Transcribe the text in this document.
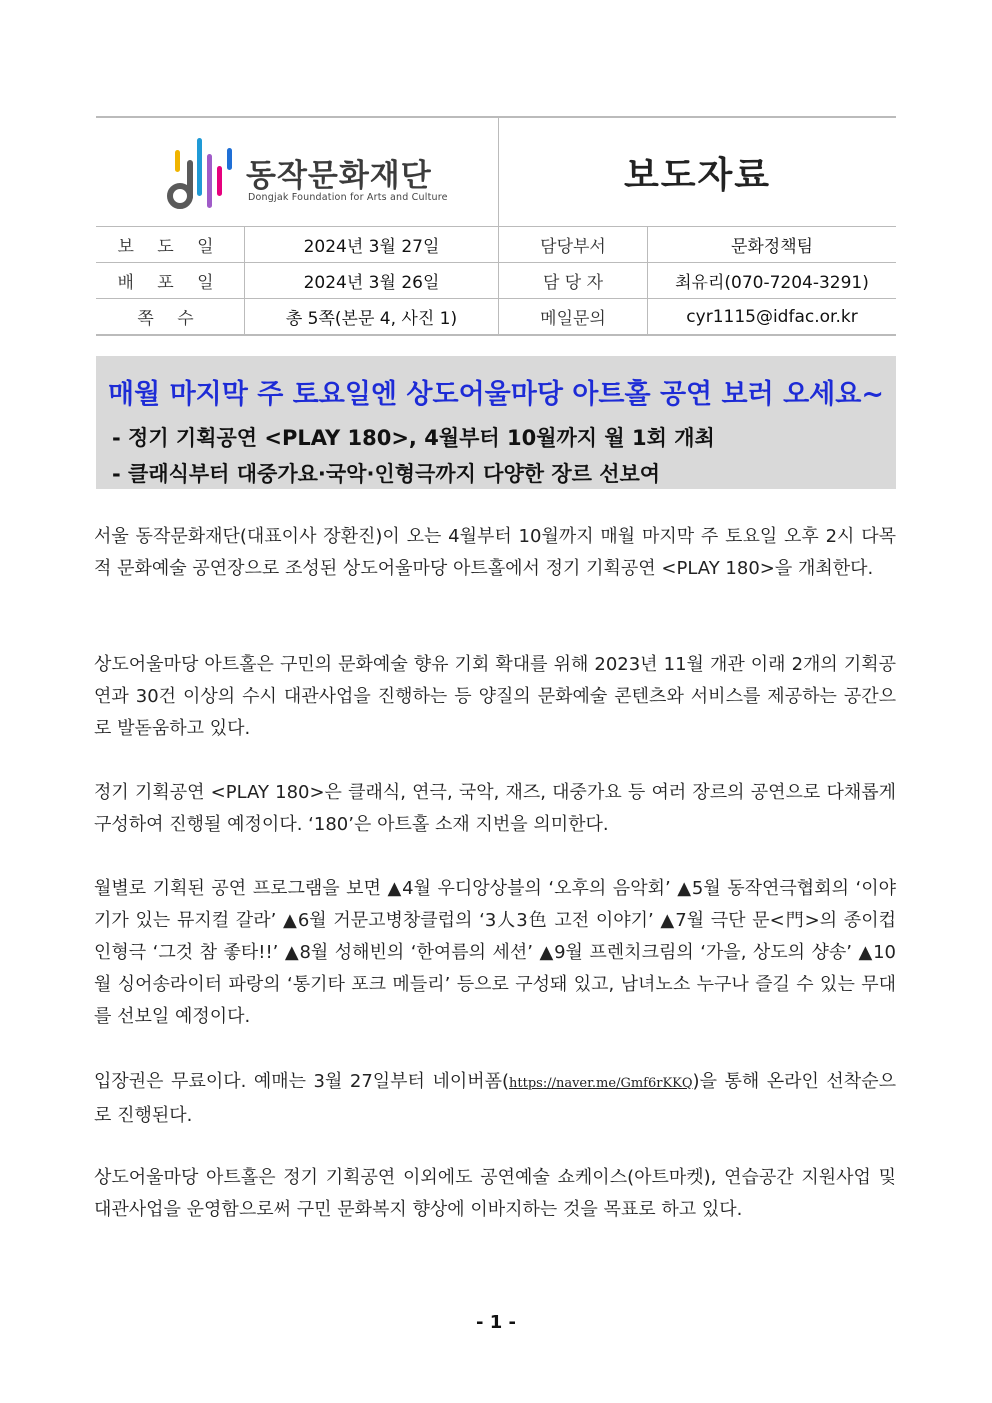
동작문화재단
Dongjak Foundation for Arts and Culture
보도자료
보 도 일	2024년 3월 27일	담당부서	문화정책팀
배 포 일	2024년 3월 26일	담 당 자	최유리(070-7204-3291)
쪽 수	총 5쪽(본문 4, 사진 1)	메일문의	cyr1115@idfac.or.kr
매월 마지막 주 토요일엔 상도어울마당 아트홀 공연 보러 오세요~
- 정기 기획공연 <PLAY 180>, 4월부터 10월까지 월 1회 개최
- 클래식부터 대중가요·국악·인형극까지 다양한 장르 선보여

서울 동작문화재단(대표이사 장환진)이 오는 4월부터 10월까지 매월 마지막 주 토요일 오후 2시 다목적 문화예술 공연장으로 조성된 상도어울마당 아트홀에서 정기 기획공연 <PLAY 180>을 개최한다.

상도어울마당 아트홀은 구민의 문화예술 향유 기회 확대를 위해 2023년 11월 개관 이래 2개의 기획공연과 30건 이상의 수시 대관사업을 진행하는 등 양질의 문화예술 콘텐츠와 서비스를 제공하는 공간으로 발돋움하고 있다.

정기 기획공연 <PLAY 180>은 클래식, 연극, 국악, 재즈, 대중가요 등 여러 장르의 공연으로 다채롭게 구성하여 진행될 예정이다. ‘180’은 아트홀 소재 지번을 의미한다.

월별로 기획된 공연 프로그램을 보면 ▲4월 우디앙상블의 ‘오후의 음악회’ ▲5월 동작연극협회의 ‘이야기가 있는 뮤지컬 갈라’ ▲6월 거문고병창클럽의 ‘3人3色 고전 이야기’ ▲7월 극단 문<門>의 종이컵 인형극 ‘그것 참 좋타!!’ ▲8월 성해빈의 ‘한여름의 세션’ ▲9월 프렌치크림의 ‘가을, 상도의 샹송’ ▲10월 싱어송라이터 파랑의 ‘통기타 포크 메들리’ 등으로 구성돼 있고, 남녀노소 누구나 즐길 수 있는 무대를 선보일 예정이다.

입장권은 무료이다. 예매는 3월 27일부터 네이버폼(https://naver.me/Gmf6rKKQ)을 통해 온라인 선착순으로 진행된다.

상도어울마당 아트홀은 정기 기획공연 이외에도 공연예술 쇼케이스(아트마켓), 연습공간 지원사업 및 대관사업을 운영함으로써 구민 문화복지 향상에 이바지하는 것을 목표로 하고 있다.

- 1 -
